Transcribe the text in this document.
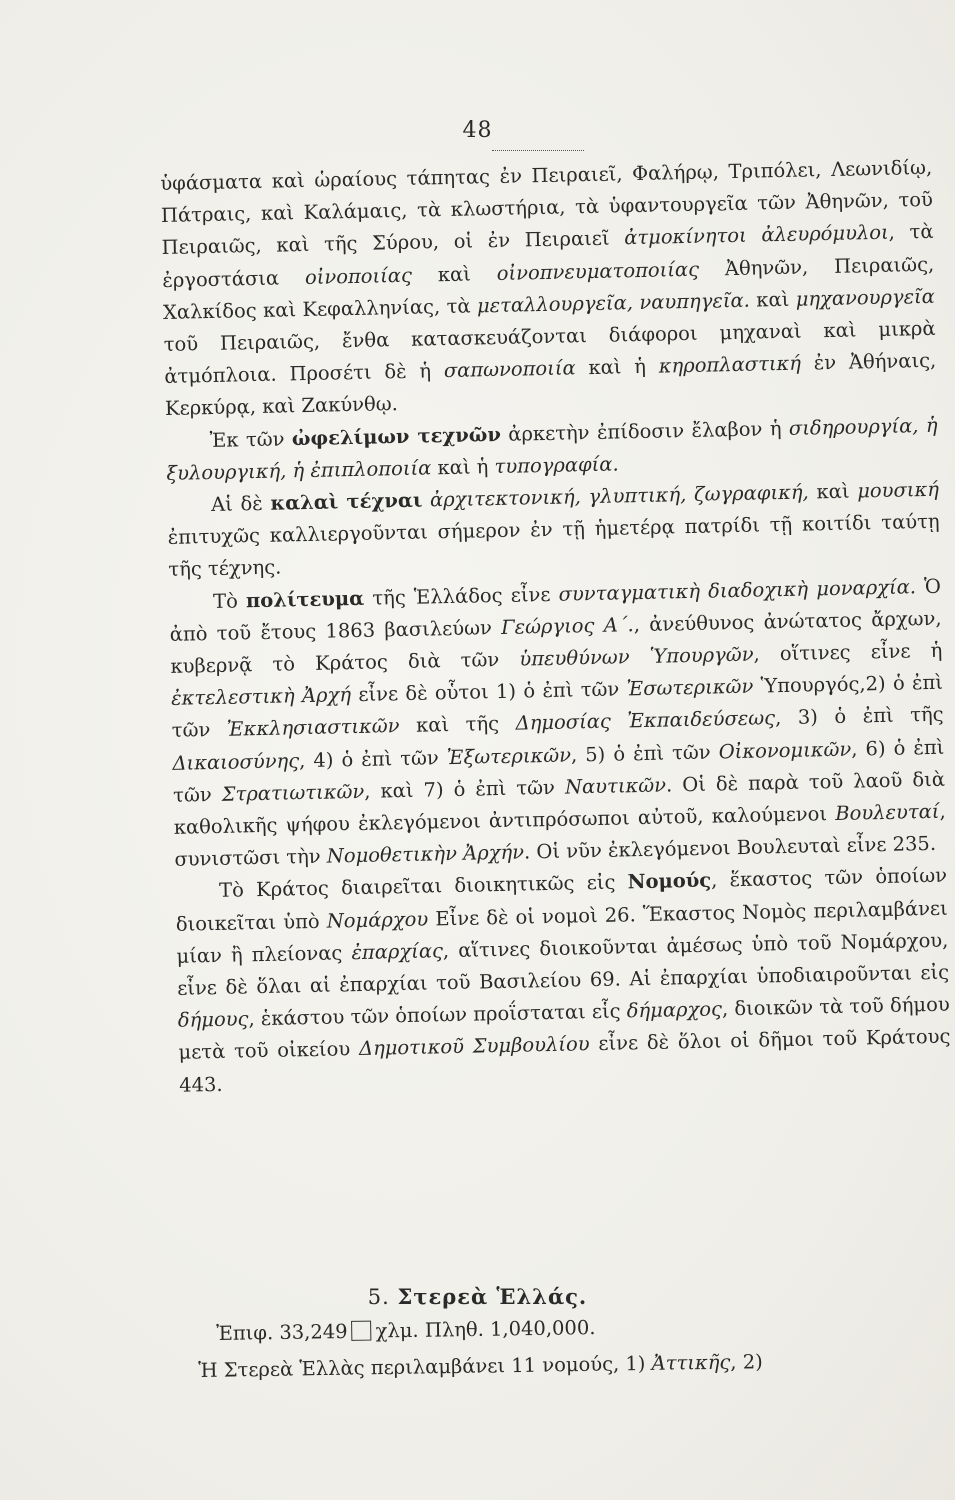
48

ὑφάσματα καὶ ὡραίους τάπητας ἐν Πειραιεῖ, Φαλήρῳ, Τριπόλει, Λεωνιδίῳ, Πάτραις, καὶ Καλάμαις, τὰ κλωστήρια, τὰ ὑφαντουργεῖα τῶν Ἀθηνῶν, τοῦ Πειραιῶς, καὶ τῆς Σύρου, οἱ ἐν Πειραιεῖ ἀτμοκίνητοι ἀλευρόμυλοι, τὰ ἐργοστάσια οἰνοποιίας καὶ οἰνοπνευματοποιίας Ἀθηνῶν, Πειραιῶς, Χαλκίδος καὶ Κεφαλληνίας, τὰ μεταλλουργεῖα, ναυπηγεῖα. καὶ μηχανουργεῖα τοῦ Πειραιῶς, ἔνθα κατασκευάζονται διάφοροι μηχαναὶ καὶ μικρὰ ἀτμόπλοια. Προσέτι δὲ ἡ σαπωνοποιία καὶ ἡ κηροπλαστική ἐν Ἀθήναις, Κερκύρᾳ, καὶ Ζακύνθῳ.

Ἐκ τῶν ὠφελίμων τεχνῶν ἀρκετὴν ἐπίδοσιν ἔλαβον ἡ σιδηρουργία, ἡ ξυλουργική, ἡ ἐπιπλοποιία καὶ ἡ τυπογραφία.

Αἱ δὲ καλαὶ τέχναι ἀρχιτεκτονική, γλυπτική, ζωγραφική, καὶ μουσική ἐπιτυχῶς καλλιεργοῦνται σήμερον ἐν τῇ ἡμετέρᾳ πατρίδι τῇ κοιτίδι ταύτῃ τῆς τέχνης.

Τὸ πολίτευμα τῆς Ἑλλάδος εἶνε συνταγματικὴ διαδοχικὴ μοναρχία. Ὁ ἀπὸ τοῦ ἔτους 1863 βασιλεύων Γεώργιος Α΄., ἀνεύθυνος ἀνώτατος ἄρχων, κυβερνᾷ τὸ Κράτος διὰ τῶν ὑπευθύνων Ὑπουργῶν, οἵτινες εἶνε ἡ ἐκτελεστικὴ Ἀρχή εἶνε δὲ οὗτοι 1) ὁ ἐπὶ τῶν Ἐσωτερικῶν Ὑπουργός,2) ὁ ἐπὶ τῶν Ἐκκλησιαστικῶν καὶ τῆς Δημοσίας Ἐκπαιδεύσεως, 3) ὁ ἐπὶ τῆς Δικαιοσύνης, 4) ὁ ἐπὶ τῶν Ἐξωτερικῶν, 5) ὁ ἐπὶ τῶν Οἰκονομικῶν, 6) ὁ ἐπὶ τῶν Στρατιωτικῶν, καὶ 7) ὁ ἐπὶ τῶν Ναυτικῶν. Οἱ δὲ παρὰ τοῦ λαοῦ διὰ καθολικῆς ψήφου ἐκλεγόμενοι ἀντιπρόσωποι αὐτοῦ, καλούμενοι Βουλευταί, συνιστῶσι τὴν Νομοθετικὴν Ἀρχήν. Οἱ νῦν ἐκλεγόμενοι Βουλευταὶ εἶνε 235.

Τὸ Κράτος διαιρεῖται διοικητικῶς εἰς Νομούς, ἕκαστος τῶν ὁποίων διοικεῖται ὑπὸ Νομάρχου Εἶνε δὲ οἱ νομοὶ 26. Ἕκαστος Νομὸς περιλαμβάνει μίαν ἢ πλείονας ἐπαρχίας, αἵτινες διοικοῦνται ἀμέσως ὑπὸ τοῦ Νομάρχου, εἶνε δὲ ὅλαι αἱ ἐπαρχίαι τοῦ Βασιλείου 69. Αἱ ἐπαρχίαι ὑποδιαιροῦνται εἰς δήμους, ἑκάστου τῶν ὁποίων προΐσταται εἷς δήμαρχος, διοικῶν τὰ τοῦ δήμου μετὰ τοῦ οἰκείου Δημοτικοῦ Συμβουλίου εἶνε δὲ ὅλοι οἱ δῆμοι τοῦ Κράτους 443.

5. Στερεὰ Ἑλλάς.
Ἐπιφ. 33,249 χλμ. Πληθ. 1,040,000.
Ἡ Στερεὰ Ἑλλὰς περιλαμβάνει 11 νομούς, 1) Ἀττικῆς, 2)
